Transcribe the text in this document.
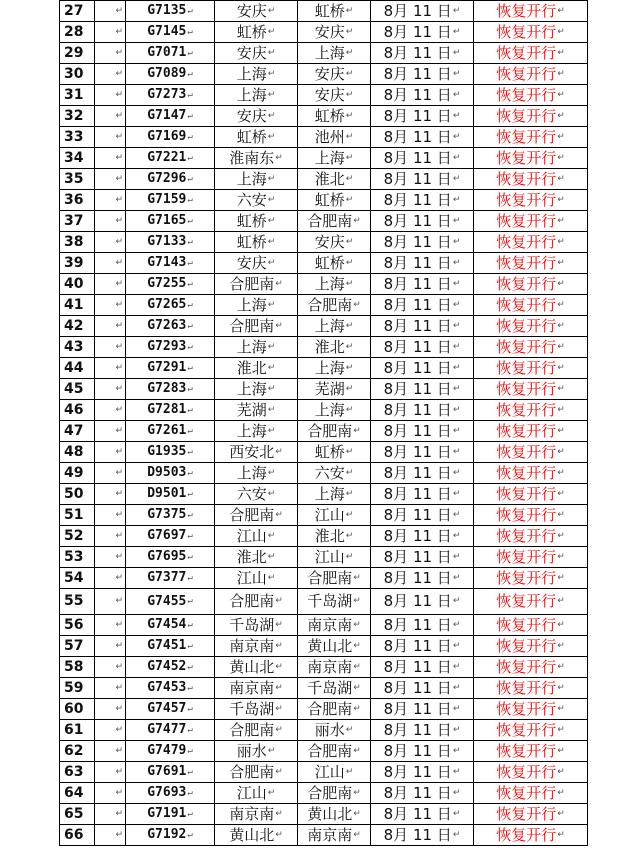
27	↵	G7135↵	安庆↵	虹桥↵	8月 11 日↵	恢复开行↵
28	↵	G7145↵	虹桥↵	安庆↵	8月 11 日↵	恢复开行↵
29	↵	G7071↵	安庆↵	上海↵	8月 11 日↵	恢复开行↵
30	↵	G7089↵	上海↵	安庆↵	8月 11 日↵	恢复开行↵
31	↵	G7273↵	上海↵	安庆↵	8月 11 日↵	恢复开行↵
32	↵	G7147↵	安庆↵	虹桥↵	8月 11 日↵	恢复开行↵
33	↵	G7169↵	虹桥↵	池州↵	8月 11 日↵	恢复开行↵
34	↵	G7221↵	淮南东↵	上海↵	8月 11 日↵	恢复开行↵
35	↵	G7296↵	上海↵	淮北↵	8月 11 日↵	恢复开行↵
36	↵	G7159↵	六安↵	虹桥↵	8月 11 日↵	恢复开行↵
37	↵	G7165↵	虹桥↵	合肥南↵	8月 11 日↵	恢复开行↵
38	↵	G7133↵	虹桥↵	安庆↵	8月 11 日↵	恢复开行↵
39	↵	G7143↵	安庆↵	虹桥↵	8月 11 日↵	恢复开行↵
40	↵	G7255↵	合肥南↵	上海↵	8月 11 日↵	恢复开行↵
41	↵	G7265↵	上海↵	合肥南↵	8月 11 日↵	恢复开行↵
42	↵	G7263↵	合肥南↵	上海↵	8月 11 日↵	恢复开行↵
43	↵	G7293↵	上海↵	淮北↵	8月 11 日↵	恢复开行↵
44	↵	G7291↵	淮北↵	上海↵	8月 11 日↵	恢复开行↵
45	↵	G7283↵	上海↵	芜湖↵	8月 11 日↵	恢复开行↵
46	↵	G7281↵	芜湖↵	上海↵	8月 11 日↵	恢复开行↵
47	↵	G7261↵	上海↵	合肥南↵	8月 11 日↵	恢复开行↵
48	↵	G1935↵	西安北↵	虹桥↵	8月 11 日↵	恢复开行↵
49	↵	D9503↵	上海↵	六安↵	8月 11 日↵	恢复开行↵
50	↵	D9501↵	六安↵	上海↵	8月 11 日↵	恢复开行↵
51	↵	G7375↵	合肥南↵	江山↵	8月 11 日↵	恢复开行↵
52	↵	G7697↵	江山↵	淮北↵	8月 11 日↵	恢复开行↵
53	↵	G7695↵	淮北↵	江山↵	8月 11 日↵	恢复开行↵
54	↵	G7377↵	江山↵	合肥南↵	8月 11 日↵	恢复开行↵
55	↵	G7455↵	合肥南↵	千岛湖↵	8月 11 日↵	恢复开行↵
56	↵	G7454↵	千岛湖↵	南京南↵	8月 11 日↵	恢复开行↵
57	↵	G7451↵	南京南↵	黄山北↵	8月 11 日↵	恢复开行↵
58	↵	G7452↵	黄山北↵	南京南↵	8月 11 日↵	恢复开行↵
59	↵	G7453↵	南京南↵	千岛湖↵	8月 11 日↵	恢复开行↵
60	↵	G7457↵	千岛湖↵	合肥南↵	8月 11 日↵	恢复开行↵
61	↵	G7477↵	合肥南↵	丽水↵	8月 11 日↵	恢复开行↵
62	↵	G7479↵	丽水↵	合肥南↵	8月 11 日↵	恢复开行↵
63	↵	G7691↵	合肥南↵	江山↵	8月 11 日↵	恢复开行↵
64	↵	G7693↵	江山↵	合肥南↵	8月 11 日↵	恢复开行↵
65	↵	G7191↵	南京南↵	黄山北↵	8月 11 日↵	恢复开行↵
66	↵	G7192↵	黄山北↵	南京南↵	8月 11 日↵	恢复开行↵
